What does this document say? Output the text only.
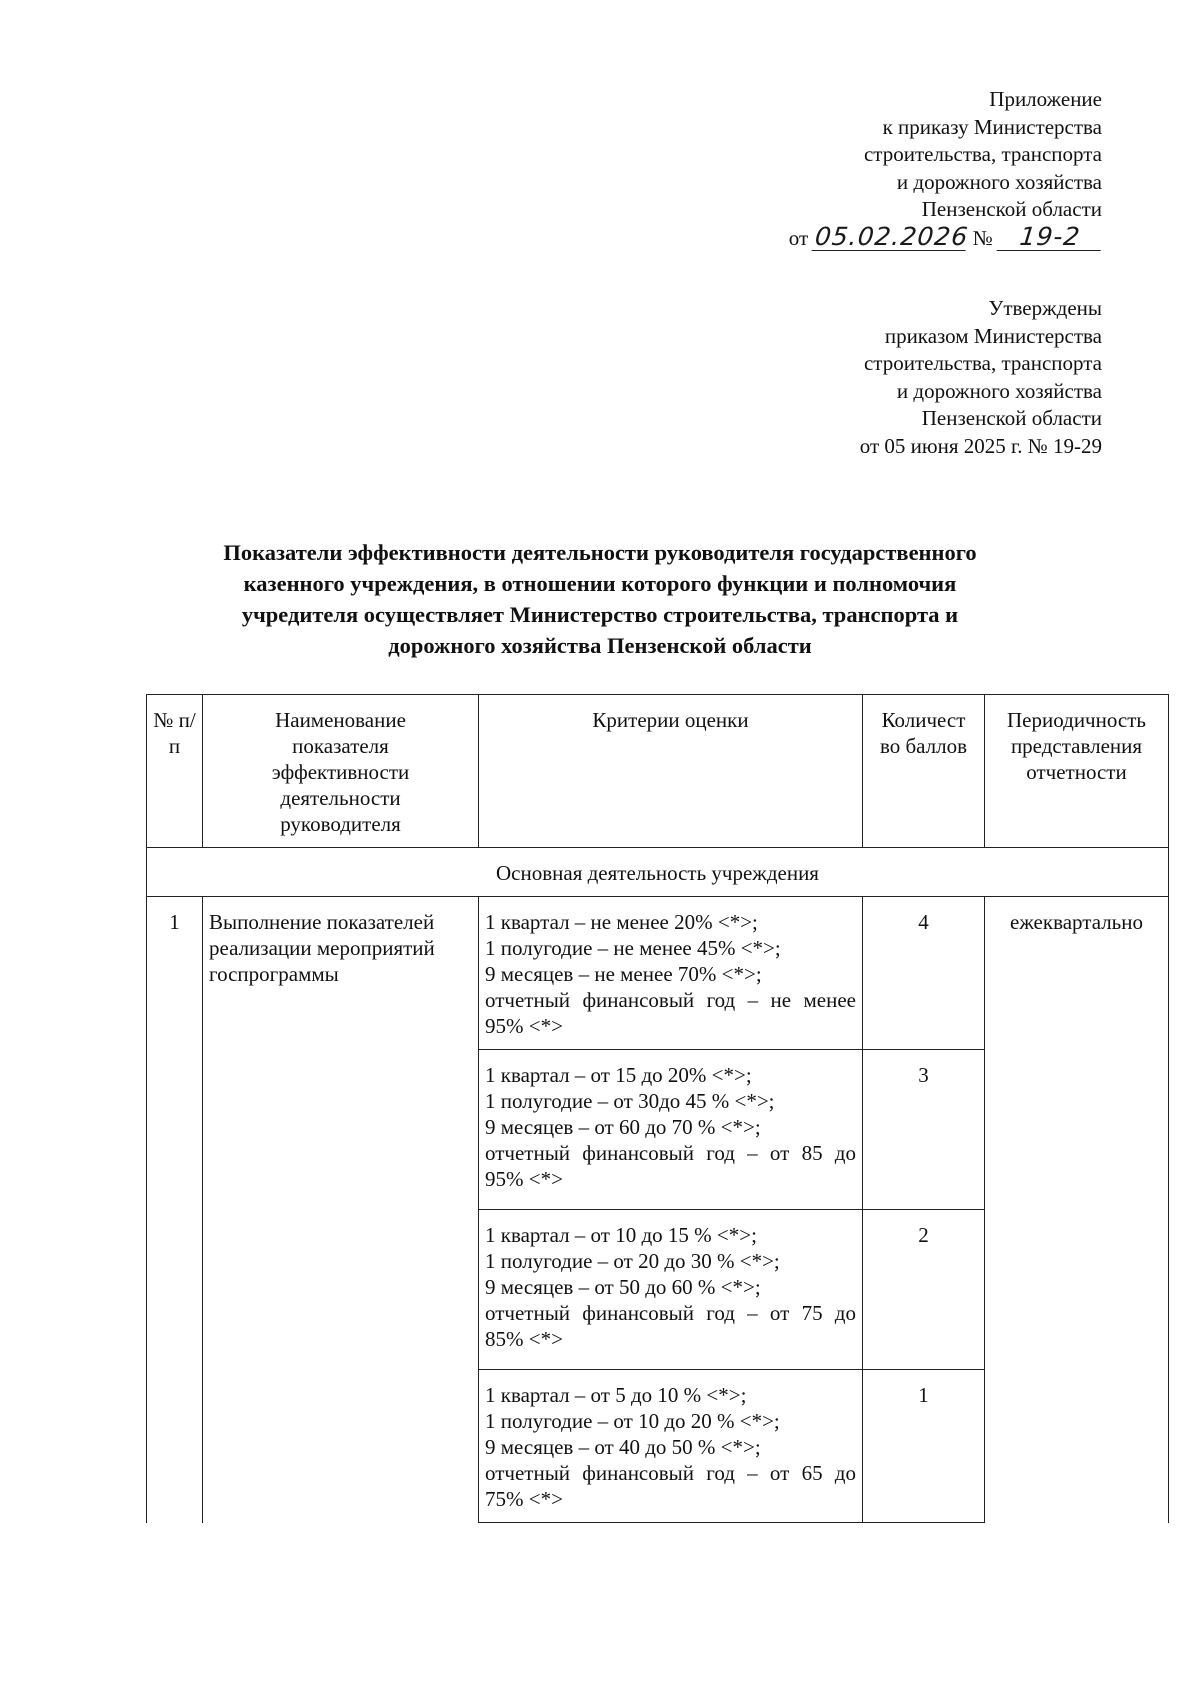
Приложение
к приказу Министерства
строительства, транспорта
и дорожного хозяйства
Пензенской области
от 05.02.2026 № 19-2
Утверждены
приказом Министерства
строительства, транспорта
и дорожного хозяйства
Пензенской области
от 05 июня 2025 г. № 19-29
Показатели эффективности деятельности руководителя государственного
казенного учреждения, в отношении которого функции и полномочия
учредителя осуществляет Министерство строительства, транспорта и
дорожного хозяйства Пензенской области
№ п/п	Наименование показателя эффективности деятельности руководителя	Критерии оценки	Количест во баллов	Периодичность представления отчетности
Основная деятельность учреждения				
1	Выполнение показателей реализации мероприятий госпрограммы	1 квартал – не менее 20% <*>;
1 полугодие – не менее 45% <*>;
9 месяцев – не менее 70% <*>;
отчетный финансовый год – не менее 95% <*>	4	ежеквартально

		1 квартал – от 15 до 20% <*>;
1 полугодие – от 30до 45 % <*>;
9 месяцев – от 60 до 70 % <*>;
отчетный финансовый год – от 85 до 95% <*>	3	

		1 квартал – от 10 до 15 % <*>;
1 полугодие – от 20 до 30 % <*>;
9 месяцев – от 50 до 60 % <*>;
отчетный финансовый год – от 75 до 85% <*>	2	

		1 квартал – от 5 до 10 % <*>;
1 полугодие – от 10 до 20 % <*>;
9 месяцев – от 40 до 50 % <*>;
отчетный финансовый год – от 65 до 75% <*>	1	
